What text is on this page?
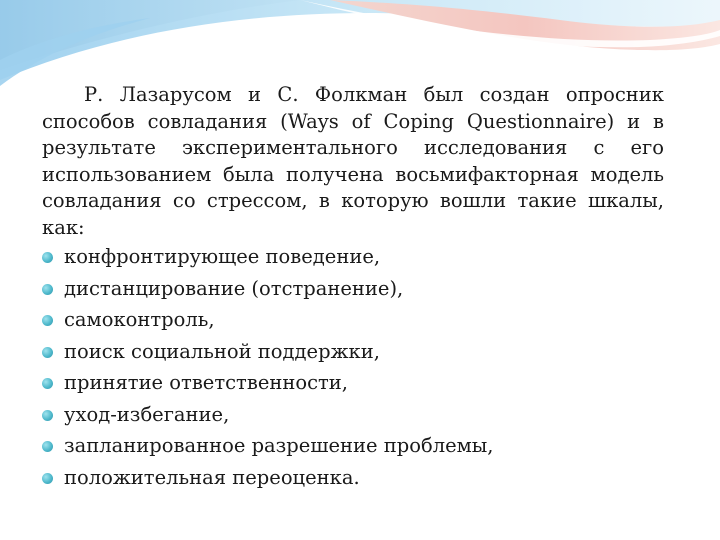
Р. Лазарусом и С. Фолкман был создан опросник способов совладания (Ways of Coping Questionnaire) и в результате экспериментального исследования с его использованием была получена восьмифакторная модель совладания со стрессом, в которую вошли такие шкалы, как:

конфронтирующее поведение,
дистанцирование (отстранение),
самоконтроль,
поиск социальной поддержки,
принятие ответственности,
уход-избегание,
запланированное разрешение проблемы,
положительная переоценка.
